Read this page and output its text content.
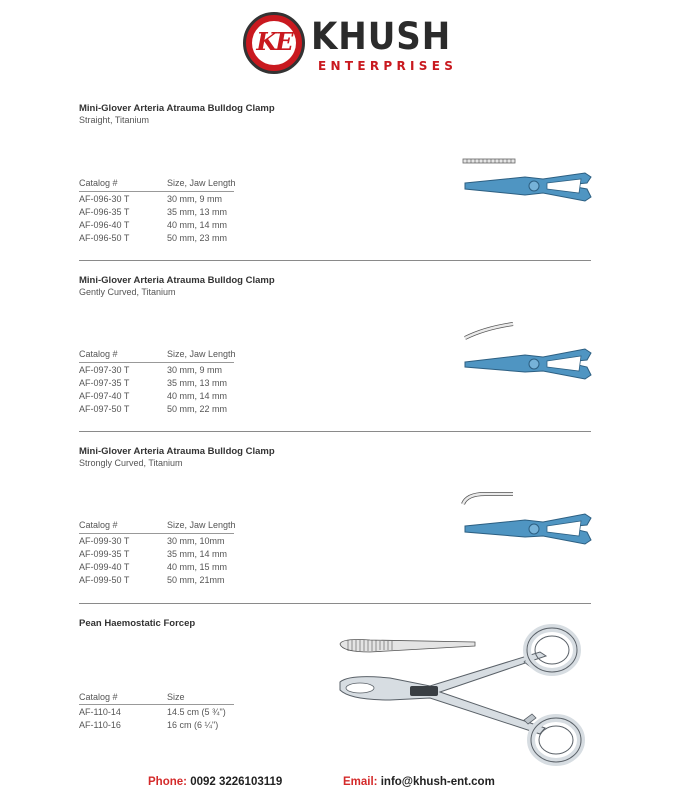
KE KHUSH
ENTERPRISES
Mini-Glover Arteria Atrauma Bulldog Clamp
Straight, Titanium
Catalog #	Size, Jaw Length
AF-096-30 T	30 mm, 9 mm
AF-096-35 T	35 mm, 13 mm
AF-096-40 T	40 mm, 14 mm
AF-096-50 T	50 mm, 23 mm
Mini-Glover Arteria Atrauma Bulldog Clamp
Gently Curved, Titanium
Catalog #	Size, Jaw Length
AF-097-30 T	30 mm, 9 mm
AF-097-35 T	35 mm, 13 mm
AF-097-40 T	40 mm, 14 mm
AF-097-50 T	50 mm, 22 mm
Mini-Glover Arteria Atrauma Bulldog Clamp
Strongly Curved, Titanium
Catalog #	Size, Jaw Length
AF-099-30 T	30 mm, 10mm
AF-099-35 T	35 mm, 14 mm
AF-099-40 T	40 mm, 15 mm
AF-099-50 T	50 mm, 21mm
Pean Haemostatic Forcep
Catalog #	Size
AF-110-14	14.5 cm (5 ¾")
AF-110-16	16 cm (6 ¼")
Phone: 0092 3226103119	Email: info@khush-ent.com
